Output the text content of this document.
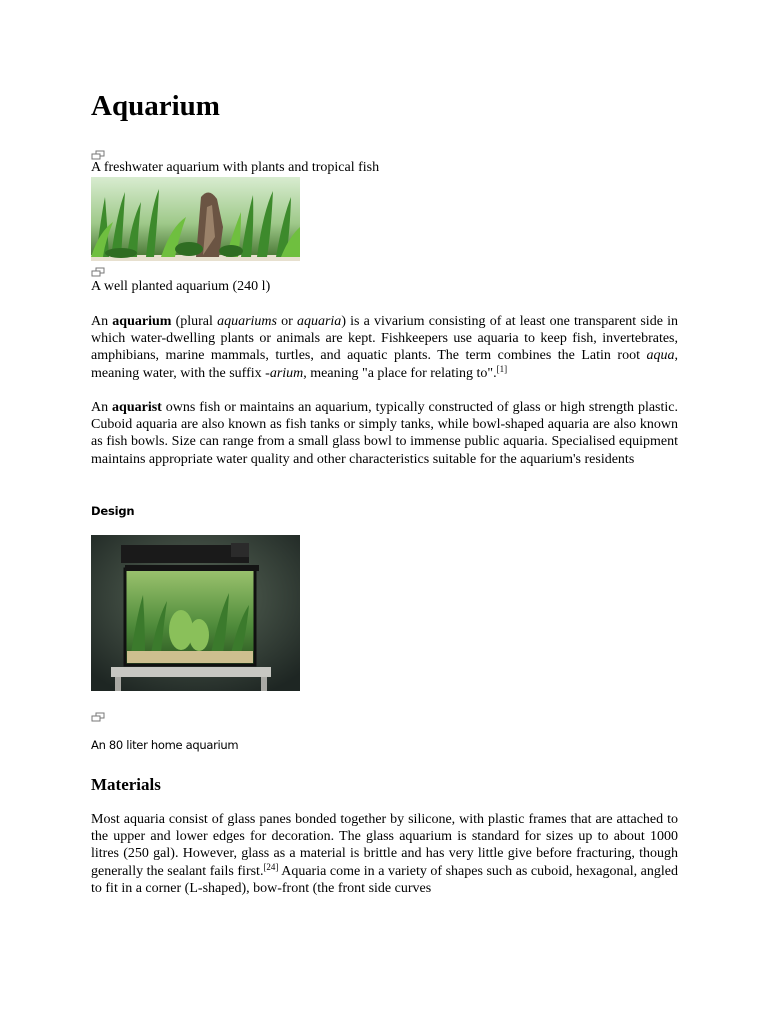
Aquarium
A freshwater aquarium with plants and tropical fish
A well planted aquarium (240 l)

An aquarium (plural aquariums or aquaria) is a vivarium consisting of at least one transparent side in which water-dwelling plants or animals are kept. Fishkeepers use aquaria to keep fish, invertebrates, amphibians, marine mammals, turtles, and aquatic plants. The term combines the Latin root aqua, meaning water, with the suffix -arium, meaning "a place for relating to".[1]

An aquarist owns fish or maintains an aquarium, typically constructed of glass or high strength plastic. Cuboid aquaria are also known as fish tanks or simply tanks, while bowl-shaped aquaria are also known as fish bowls. Size can range from a small glass bowl to immense public aquaria. Specialised equipment maintains appropriate water quality and other characteristics suitable for the aquarium's residents

Design
An 80 liter home aquarium
Materials

Most aquaria consist of glass panes bonded together by silicone, with plastic frames that are attached to the upper and lower edges for decoration. The glass aquarium is standard for sizes up to about 1000 litres (250 gal). However, glass as a material is brittle and has very little give before fracturing, though generally the sealant fails first.[24] Aquaria come in a variety of shapes such as cuboid, hexagonal, angled to fit in a corner (L-shaped), bow-front (the front side curves
